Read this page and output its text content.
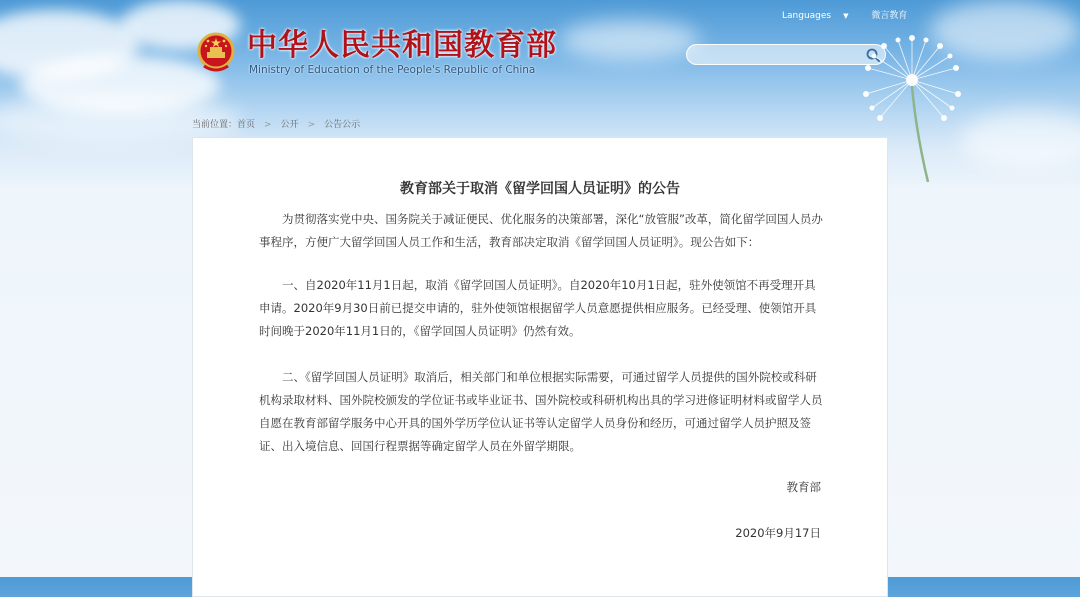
中华人民共和国教育部
Ministry of Education of the People's Republic of China
Languages ▼	微言教育
当前位置：首页 > 公开 > 公告公示
教育部关于取消《留学回国人员证明》的公告

为贯彻落实党中央、国务院关于减证便民、优化服务的决策部署，深化“放管服”改革，简化留学回国人员办事程序，方便广大留学回国人员工作和生活，教育部决定取消《留学回国人员证明》。现公告如下：

一、自2020年11月1日起，取消《留学回国人员证明》。自2020年10月1日起，驻外使领馆不再受理开具申请。2020年9月30日前已提交申请的，驻外使领馆根据留学人员意愿提供相应服务。已经受理、使领馆开具时间晚于2020年11月1日的，《留学回国人员证明》仍然有效。

二、《留学回国人员证明》取消后，相关部门和单位根据实际需要，可通过留学人员提供的国外院校或科研机构录取材料、国外院校颁发的学位证书或毕业证书、国外院校或科研机构出具的学习进修证明材料或留学人员自愿在教育部留学服务中心开具的国外学历学位认证书等认定留学人员身份和经历，可通过留学人员护照及签证、出入境信息、回国行程票据等确定留学人员在外留学期限。

教育部
2020年9月17日
